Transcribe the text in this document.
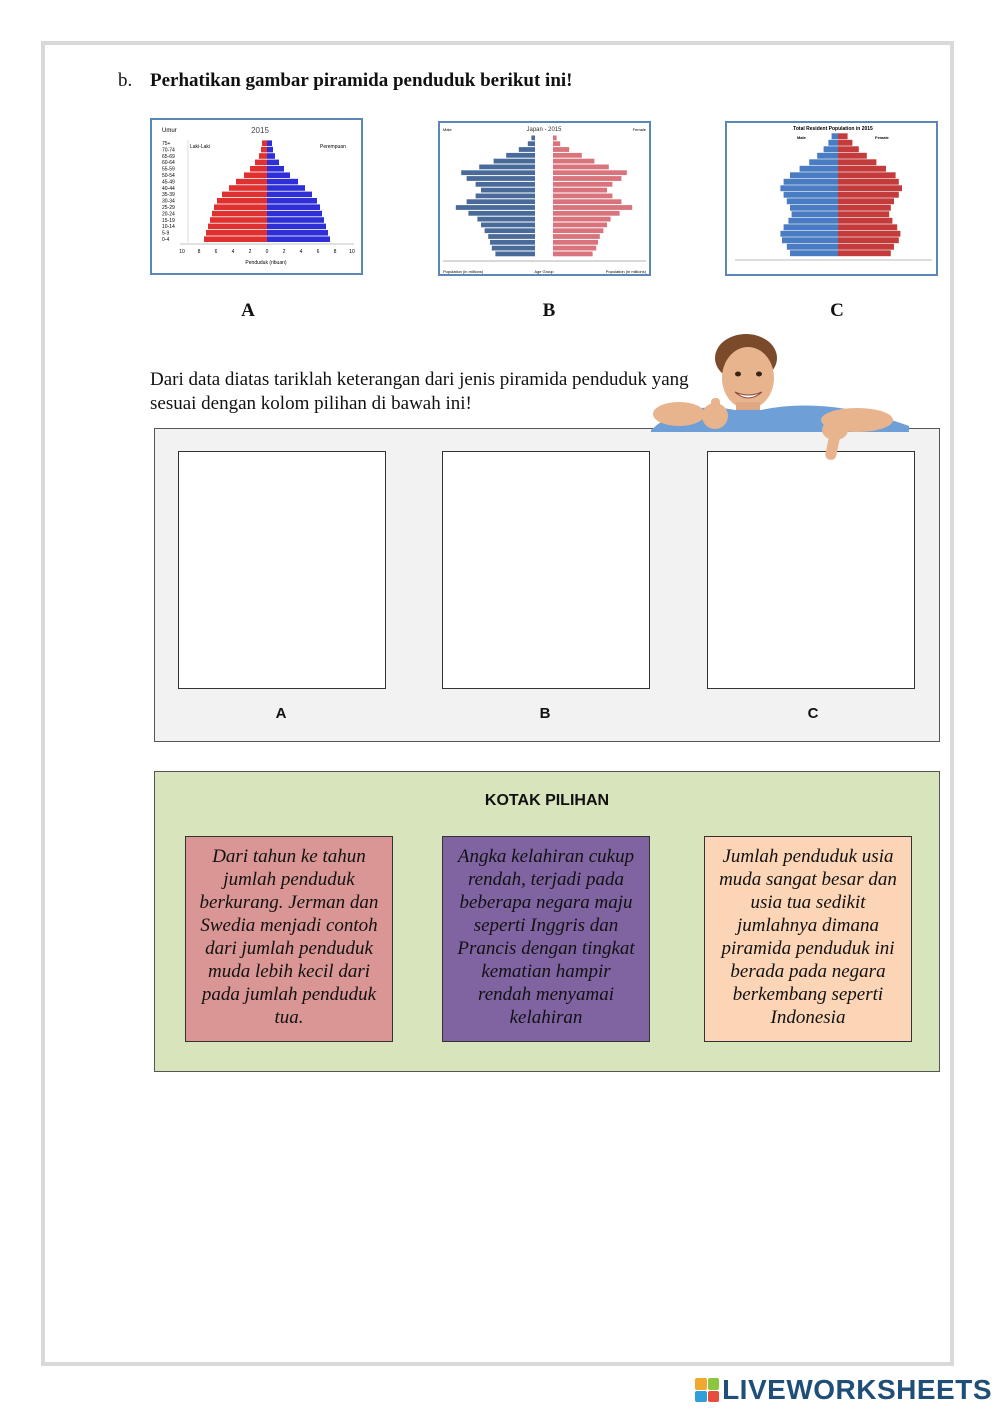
b. Perhatikan gambar piramida penduduk berikut ini!
Umur	2015
Laki-Laki	Perempuan
Penduduk (ribuan)
75+
70-74
65-69
60-64
55-59
50-54
45-49
40-44
35-39
30-34
25-29
20-24
15-19
10-14
5-9
0-4
10	8	6	4	2	0	2	4	6	8	10
A
Japan - 2015
Male	Female
Population (in millions)	Age Group	Population (in millions)
B
Total Resident Population in 2015
Male	Female
C
Dari data diatas tariklah keterangan dari jenis piramida penduduk yang sesuai dengan kolom pilihan di bawah ini!
A	B	C
KOTAK PILIHAN
Dari tahun ke tahun jumlah penduduk berkurang. Jerman dan Swedia menjadi contoh dari jumlah penduduk muda lebih kecil dari pada jumlah penduduk tua.
Angka kelahiran cukup rendah, terjadi pada beberapa negara maju seperti Inggris dan Prancis dengan tingkat kematian hampir rendah menyamai kelahiran
Jumlah penduduk usia muda sangat besar dan usia tua sedikit jumlahnya dimana piramida penduduk ini berada pada negara berkembang seperti Indonesia
LIVEWORKSHEETS
